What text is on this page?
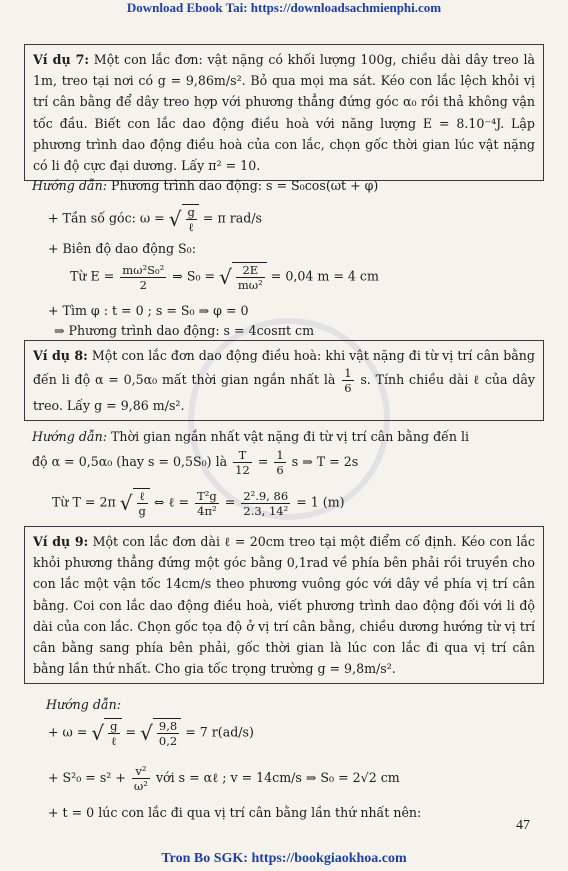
Download Ebook Tai: https://downloadsachmienphi.com
Ví dụ 7: Một con lắc đơn: vật nặng có khối lượng 100g, chiều dài dây treo là 1m, treo tại nơi có g = 9,86m/s². Bỏ qua mọi ma sát. Kéo con lắc lệch khỏi vị trí cân bằng để dây treo hợp với phương thẳng đứng góc α₀ rồi thả không vận tốc đầu. Biết con lắc dao động điều hoà với năng lượng E = 8.10⁻⁴J. Lập phương trình dao động điều hoà của con lắc, chọn gốc thời gian lúc vật nặng có li độ cực đại dương. Lấy π² = 10.
Hướng dẫn: Phương trình dao động: s = S₀cos(ωt + φ)
+ Tần số góc: ω = √ $\frac{g}{\text{ℓ}} = \pi$ rad/s
+ Biên độ dao động S₀:
Từ $E = \frac{\text{mω²S₀²}}{2}$ ⇒ S₀ = √ $\frac{2E}{\text{mω²}} = 0,04$ m = 4 cm
+ Tìm φ : t = 0 ; s = S₀ ⇒ φ = 0
⇒ Phương trình dao động: s = 4cosπt cm
Ví dụ 8: Một con lắc đơn dao động điều hoà: khi vật nặng đi từ vị trí cân bằng đến li độ α = 0,5α₀ mất thời gian ngắn nhất là $\frac{1}{6} s$. Tính chiều dài ℓ của dây treo. Lấy g = 9,86 m/s².
Hướng dẫn: Thời gian ngắn nhất vật nặng đi từ vị trí cân bằng đến li
độ α = 0,5α₀ (hay s = 0,5S₀) là $\frac{T}{12} = \frac{1}{6}$ s ⇒ T = 2s
Từ T = 2π √ $\frac{\text{ℓ}}{g}$ ⇔ ℓ = $\frac{\text{T²g}}{\text{4π²}} = \frac{\text{2².9, 86}}{\text{2.3, 14²}} = 1$ (m)
Ví dụ 9: Một con lắc đơn dài ℓ = 20cm treo tại một điểm cố định. Kéo con lắc khỏi phương thẳng đứng một góc bằng 0,1rad về phía bên phải rồi truyền cho con lắc một vận tốc 14cm/s theo phương vuông góc với dây về phía vị trí cân bằng. Coi con lắc dao động điều hoà, viết phương trình dao động đối với li độ dài của con lắc. Chọn gốc tọa độ ở vị trí cân bằng, chiều dương hướng từ vị trí cân bằng sang phía bên phải, gốc thời gian là lúc con lắc đi qua vị trí cân bằng lần thứ nhất. Cho gia tốc trọng trường g = 9,8m/s².
Hướng dẫn:
+ ω = √ $\frac{g}{\text{ℓ}}$ = √ $\frac{9,8}{0,2} = 7$ r(ad/s)
+ $S^2_0 = s^2 + \frac{\text{v²}}{\text{ω²}}$ với s = αℓ ; v = 14cm/s ⇒ S₀ = 2√2 cm
+ t = 0 lúc con lắc đi qua vị trí cân bằng lần thứ nhất nên:
47
Tron Bo SGK: https://bookgiaokhoa.com
